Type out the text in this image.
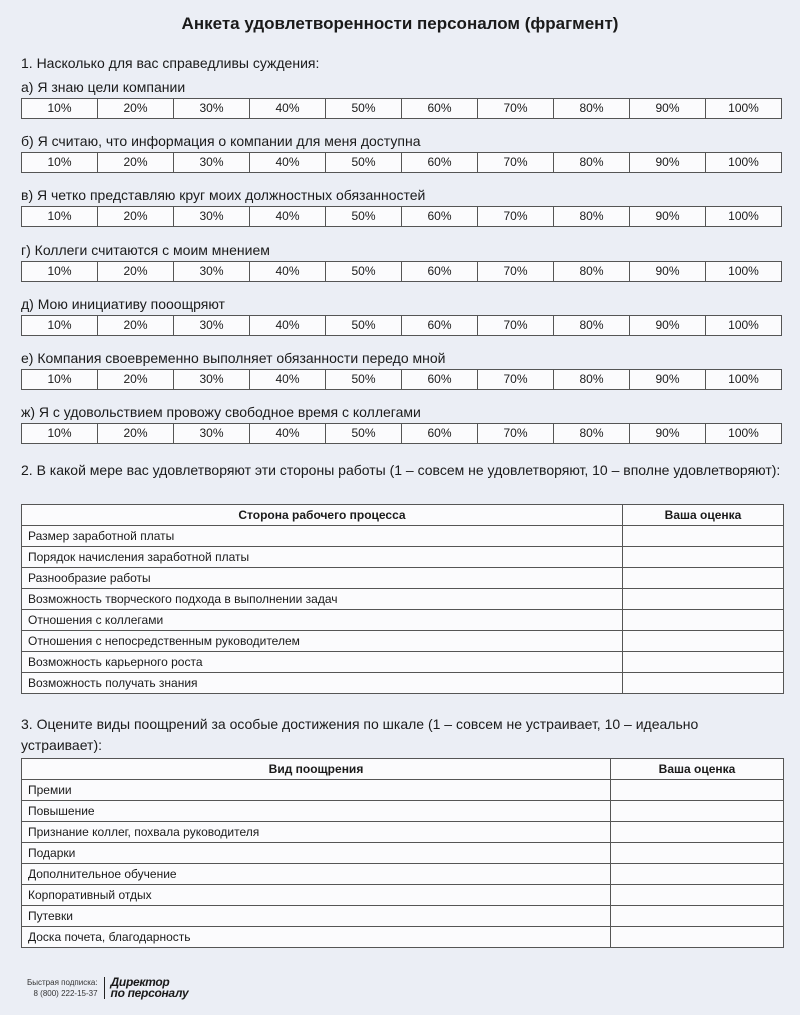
Анкета удовлетворенности персоналом (фрагмент)
1. Насколько для вас справедливы суждения:
а) Я знаю цели компании
10%	20%	30%	40%	50%	60%	70%	80%	90%	100%
б) Я считаю, что информация о компании для меня доступна
10%	20%	30%	40%	50%	60%	70%	80%	90%	100%
в) Я четко представляю круг моих должностных обязанностей
10%	20%	30%	40%	50%	60%	70%	80%	90%	100%
г) Коллеги считаются с моим мнением
10%	20%	30%	40%	50%	60%	70%	80%	90%	100%
д) Мою инициативу пооощряют
10%	20%	30%	40%	50%	60%	70%	80%	90%	100%
е) Компания своевременно выполняет обязанности передо мной
10%	20%	30%	40%	50%	60%	70%	80%	90%	100%
ж) Я с удовольствием провожу свободное время с коллегами
10%	20%	30%	40%	50%	60%	70%	80%	90%	100%
2. В какой мере вас удовлетворяют эти стороны работы (1 – совсем не удовлетворяют, 10 – вполне удовлетворяют):
Сторона рабочего процесса	Ваша оценка
Размер заработной платы	
Порядок начисления заработной платы	
Разнообразие работы	
Возможность творческого подхода в выполнении задач	
Отношения с коллегами	
Отношения с непосредственным руководителем	
Возможность карьерного роста	
Возможность получать знания	
3. Оцените виды поощрений за особые достижения по шкале (1 – совсем не устраивает, 10 – идеально устраивает):
Вид поощрения	Ваша оценка
Премии	
Повышение	
Признание коллег, похвала руководителя	
Подарки	
Дополнительное обучение	
Корпоративный отдых	
Путевки	
Доска почета, благодарность	
Быстрая подписка:
8 (800) 222-15-37
Директор
по персоналу
